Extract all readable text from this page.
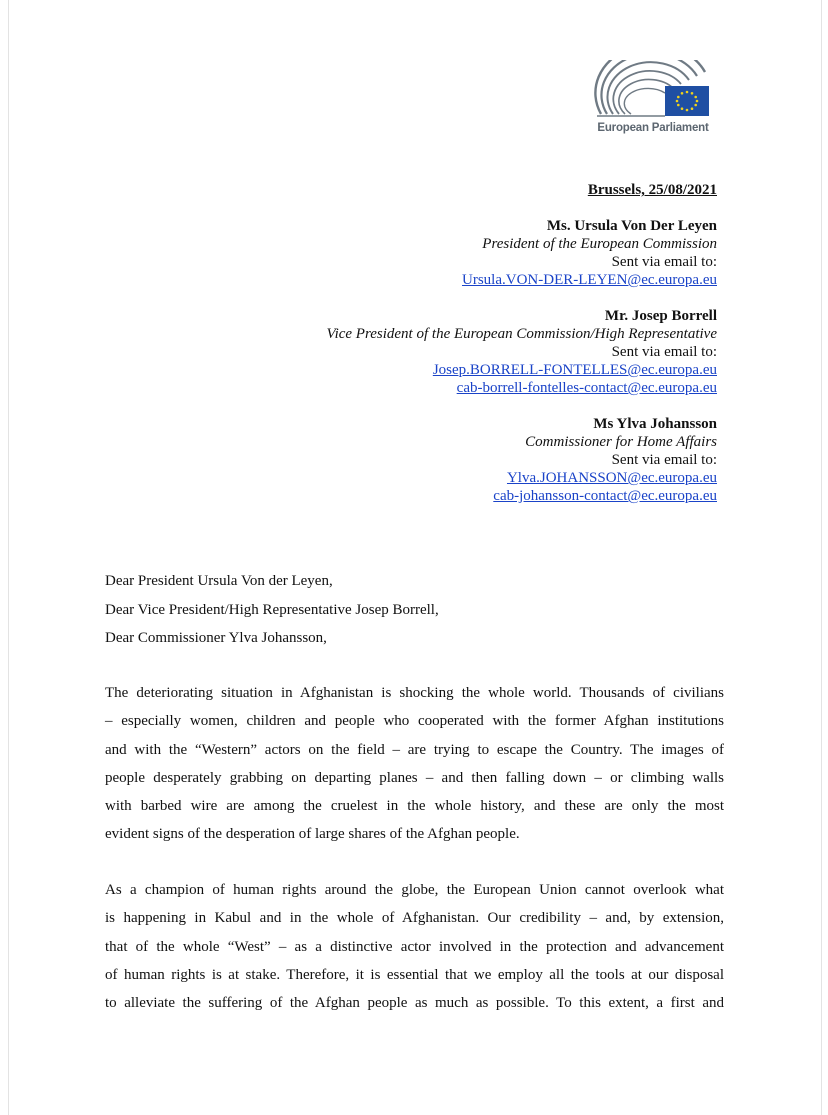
European Parliament
Brussels, 25/08/2021
Ms. Ursula Von Der Leyen
President of the European Commission
Sent via email to:
Ursula.VON-DER-LEYEN@ec.europa.eu
Mr. Josep Borrell
Vice President of the European Commission/High Representative
Sent via email to:
Josep.BORRELL-FONTELLES@ec.europa.eu
cab-borrell-fontelles-contact@ec.europa.eu
Ms Ylva Johansson
Commissioner for Home Affairs
Sent via email to:
Ylva.JOHANSSON@ec.europa.eu
cab-johansson-contact@ec.europa.eu
Dear President Ursula Von der Leyen,
Dear Vice President/High Representative Josep Borrell,
Dear Commissioner Ylva Johansson,
The deteriorating situation in Afghanistan is shocking the whole world. Thousands of civilians
– especially women, children and people who cooperated with the former Afghan institutions
and with the “Western” actors on the field – are trying to escape the Country. The images of
people desperately grabbing on departing planes – and then falling down – or climbing walls
with barbed wire are among the cruelest in the whole history, and these are only the most
evident signs of the desperation of large shares of the Afghan people.
As a champion of human rights around the globe, the European Union cannot overlook what
is happening in Kabul and in the whole of Afghanistan. Our credibility – and, by extension,
that of the whole “West” – as a distinctive actor involved in the protection and advancement
of human rights is at stake. Therefore, it is essential that we employ all the tools at our disposal
to alleviate the suffering of the Afghan people as much as possible. To this extent, a first and
